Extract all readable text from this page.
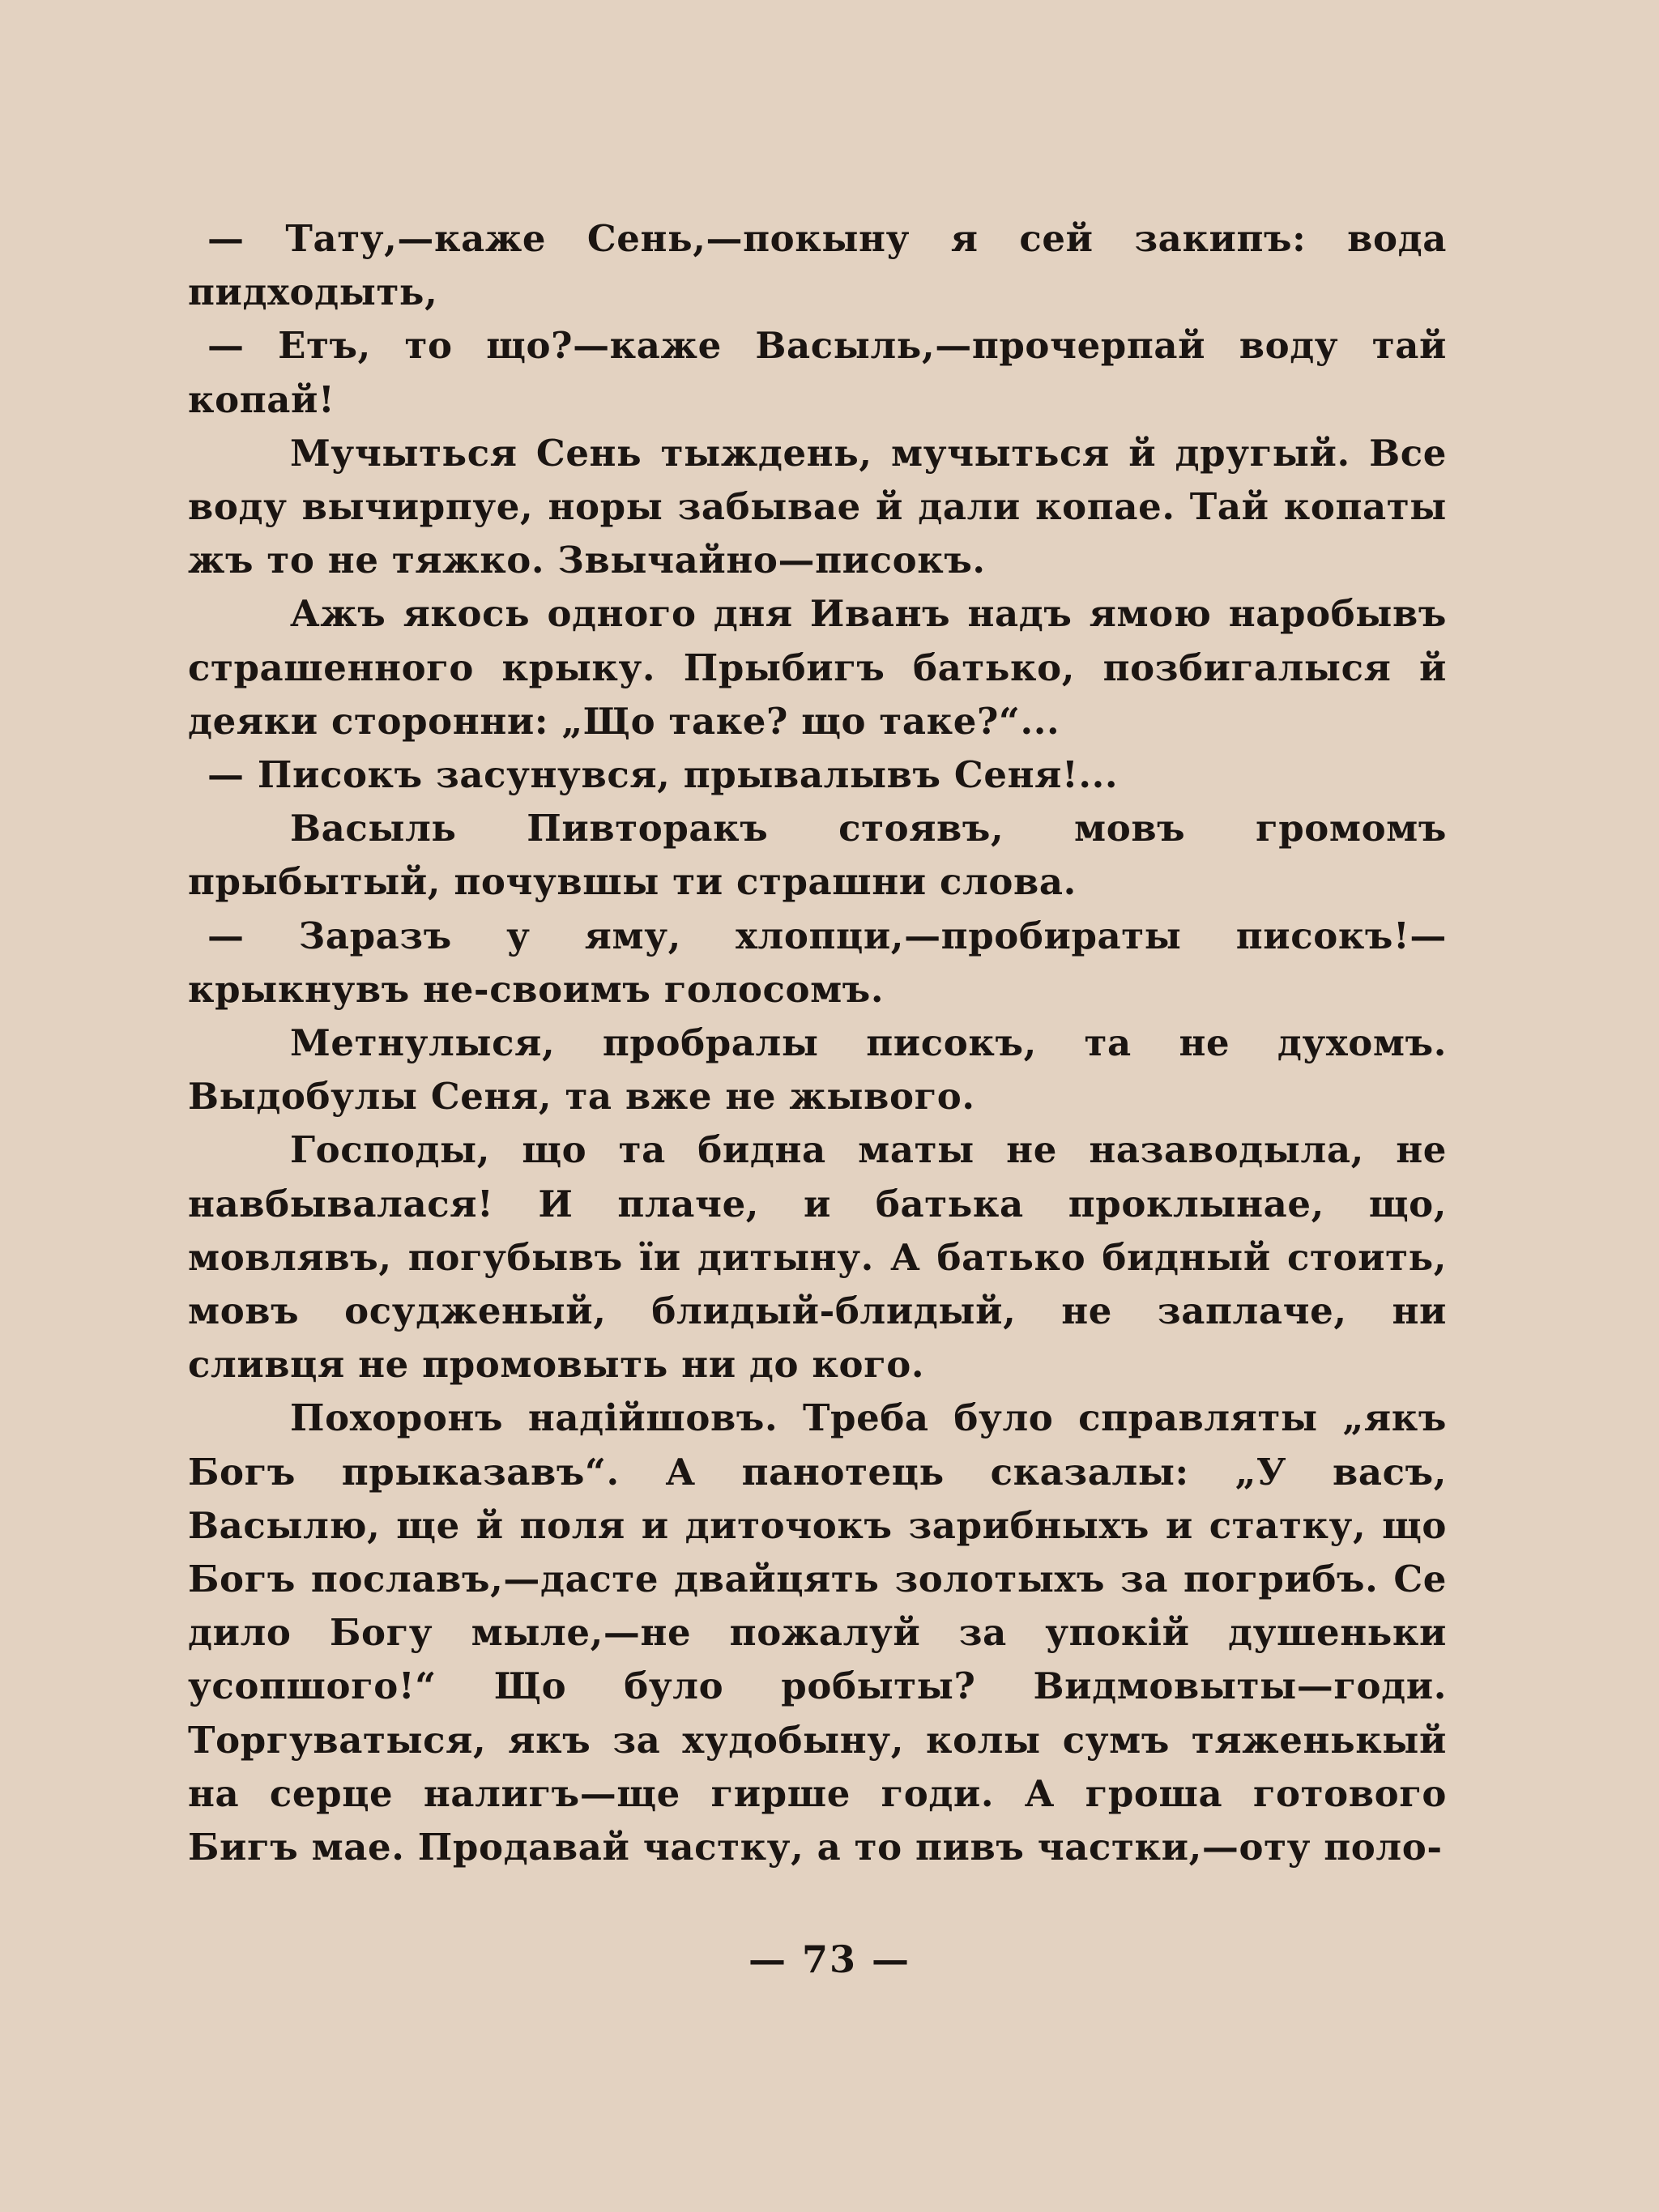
— Тату,—каже Сень,—покыну я сей закипъ: вода пидходыть,

— Етъ, то що?—каже Васыль,—прочерпай воду тай копай!

Мучыться Сень тыждень, мучыться й другый. Все воду вычирпуе, норы забывае й дали копае. Тай копаты жъ то не тяжко. Звычайно—писокъ.

Ажъ якось одного дня Иванъ надъ ямою наробывъ страшенного крыку. Прыбигъ батько, позбигалыся й деяки сторонни: „Що таке? що таке?“...

— Писокъ засунувся, прывалывъ Сеня!...

Васыль Пивторакъ стоявъ, мовъ громомъ прыбытый, почувшы ти страшни слова.

— Заразъ у яму, хлопци,—пробираты писокъ!—крыкнувъ не-своимъ голосомъ.

Метнулыся, пробралы писокъ, та не духомъ. Выдобулы Сеня, та вже не жывого.

Господы, що та бидна маты не назаводыла, не навбывалася! И плаче, и батька проклынае, що, мовлявъ, погубывъ їи дитыну. А батько бидный стоить, мовъ осудженый, блидый-блидый, не заплаче, ни сливця не промовыть ни до кого.

Похоронъ надійшовъ. Треба було справляты „якъ Богъ прыказавъ“. А панотець сказалы: „У васъ, Васылю, ще й поля и диточокъ зарибныхъ и статку, що Богъ пославъ,—даcте двайцять золотыхъ за погрибъ. Се дило Богу мыле,—не пожалуй за упокій душеньки усопшого!“ Що було робыты? Видмовыты—годи. Торгуватыся, якъ за худобыну, колы сумъ тяженькый на серце налигъ—ще гирше годи. А гроша готового Бигъ мае. Продавай частку, а то пивъ частки,—оту поло-

— 73 —
